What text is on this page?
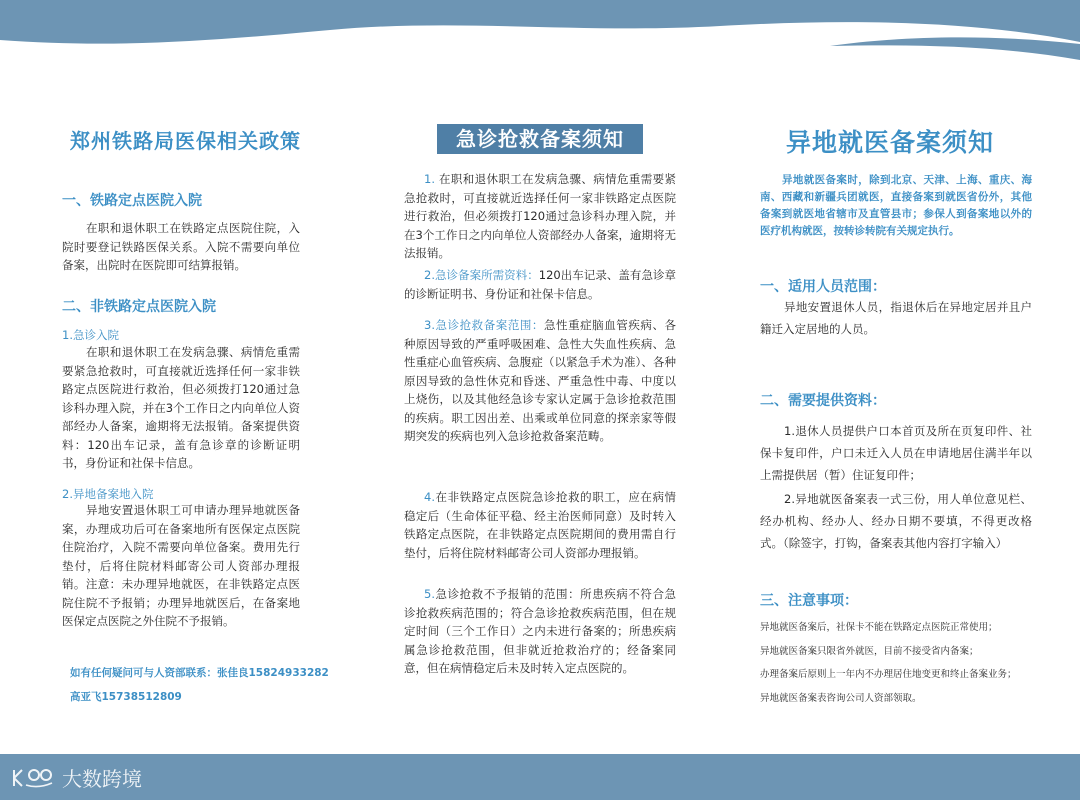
郑州铁路局医保相关政策
一、铁路定点医院入院
在职和退休职工在铁路定点医院住院，入院时要登记铁路医保关系。入院不需要向单位备案，出院时在医院即可结算报销。
二、非铁路定点医院入院
1.急诊入院
在职和退休职工在发病急骤、病情危重需要紧急抢救时，可直接就近选择任何一家非铁路定点医院进行救治，但必须拨打120通过急诊科办理入院，并在3个工作日之内向单位人资部经办人备案，逾期将无法报销。备案提供资料：120出车记录，盖有急诊章的诊断证明书，身份证和社保卡信息。
2.异地备案地入院
异地安置退休职工可申请办理异地就医备案，办理成功后可在备案地所有医保定点医院住院治疗，入院不需要向单位备案。费用先行垫付，后将住院材料邮寄公司人资部办理报销。注意：未办理异地就医，在非铁路定点医院住院不予报销；办理异地就医后，在备案地医保定点医院之外住院不予报销。
如有任何疑问可与人资部联系：张佳良15824933282
高亚飞15738512809
急诊抢救备案须知
1. 在职和退休职工在发病急骤、病情危重需要紧急抢救时，可直接就近选择任何一家非铁路定点医院进行救治，但必须拨打120通过急诊科办理入院，并在3个工作日之内向单位人资部经办人备案，逾期将无法报销。
2.急诊备案所需资料：120出车记录、盖有急诊章的诊断证明书、身份证和社保卡信息。
3.急诊抢救备案范围：急性重症脑血管疾病、各种原因导致的严重呼吸困难、急性大失血性疾病、急性重症心血管疾病、急腹症（以紧急手术为准）、各种原因导致的急性休克和昏迷、严重急性中毒、中度以上烧伤，以及其他经急诊专家认定属于急诊抢救范围的疾病。职工因出差、出乘或单位同意的探亲家等假期突发的疾病也列入急诊抢救备案范畴。
4.在非铁路定点医院急诊抢救的职工，应在病情稳定后（生命体征平稳、经主治医师同意）及时转入铁路定点医院，在非铁路定点医院期间的费用需自行垫付，后将住院材料邮寄公司人资部办理报销。
5.急诊抢救不予报销的范围：所患疾病不符合急诊抢救疾病范围的；符合急诊抢救疾病范围，但在规定时间（三个工作日）之内未进行备案的；所患疾病属急诊抢救范围，但非就近抢救治疗的；经备案同意，但在病情稳定后未及时转入定点医院的。
异地就医备案须知
异地就医备案时，除到北京、天津、上海、重庆、海南、西藏和新疆兵团就医，直接备案到就医省份外，其他备案到就医地省辖市及直管县市；参保人到备案地以外的医疗机构就医，按转诊转院有关规定执行。
一、适用人员范围：
异地安置退休人员，指退休后在异地定居并且户籍迁入定居地的人员。
二、需要提供资料：
1.退休人员提供户口本首页及所在页复印件、社保卡复印件，户口未迁入人员在申请地居住满半年以上需提供居（暂）住证复印件；
2.异地就医备案表一式三份，用人单位意见栏、经办机构、经办人、经办日期不要填，不得更改格式。（除签字，打钩，备案表其他内容打字输入）
三、注意事项：
异地就医备案后，社保卡不能在铁路定点医院正常使用；
异地就医备案只限省外就医，目前不接受省内备案；
办理备案后原则上一年内不办理居住地变更和终止备案业务；
异地就医备案表咨询公司人资部领取。
大数跨境
